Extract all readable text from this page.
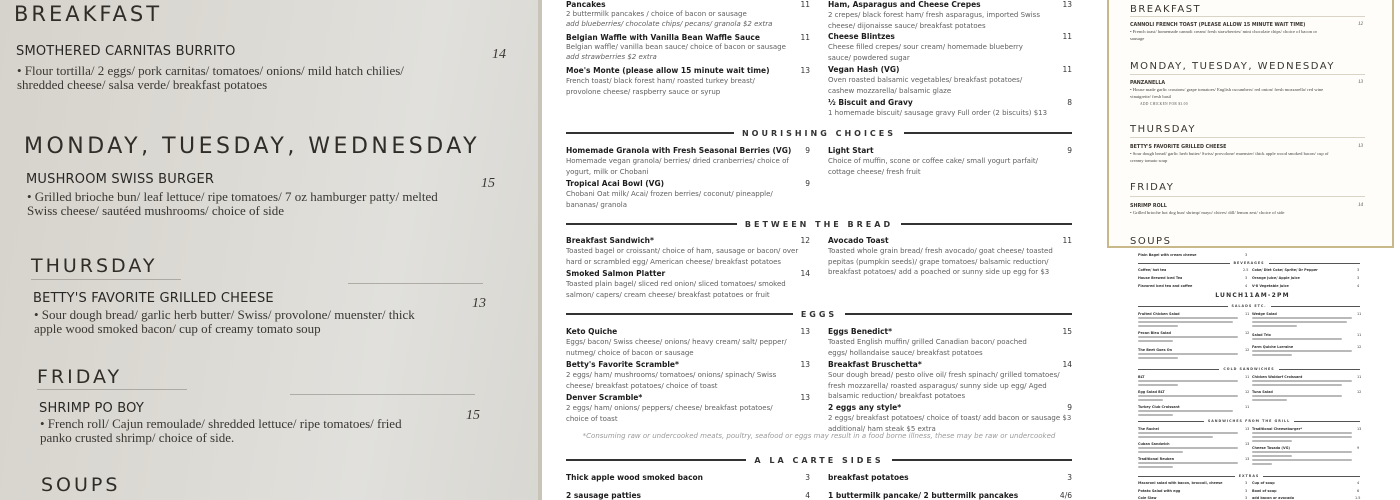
BREAKFAST
SMOTHERED CARNITAS BURRITO
• Flour tortilla/ 2 eggs/ pork carnitas/ tomatoes/ onions/ mild hatch chilies/ shredded cheese/ salsa verde/ breakfast potatoes
14
MONDAY, TUESDAY, WEDNESDAY
MUSHROOM SWISS BURGER
• Grilled brioche bun/ leaf lettuce/ ripe tomatoes/ 7 oz hamburger patty/ melted Swiss cheese/ sautéed mushrooms/ choice of side
15
THURSDAY
BETTY'S FAVORITE GRILLED CHEESE
• Sour dough bread/ garlic herb butter/ Swiss/ provolone/ muenster/ thick apple wood smoked bacon/ cup of creamy tomato soup
13
FRIDAY
SHRIMP PO BOY
• French roll/ Cajun remoulade/ shredded lettuce/ ripe tomatoes/ fried panko crusted shrimp/ choice of side.
15
SOUPS
Pancakes	11
2 buttermilk pancakes / choice of bacon or sausage
add blueberries/ chocolate chips/ pecans/ granola $2 extra
Belgian Waffle with Vanilla Bean Waffle Sauce	11
Belgian waffle/ vanilla bean sauce/ choice of bacon or sausage
add strawberries $2 extra
Moe's Monte (please allow 15 minute wait time)	13
French toast/ black forest ham/ roasted turkey breast/ provolone cheese/ raspberry sauce or syrup
Ham, Asparagus and Cheese Crepes	13
2 crepes/ black forest ham/ fresh asparagus, imported Swiss cheese/ dijonaisse sauce/ breakfast potatoes
Cheese Blintzes	11
Cheese filled crepes/ sour cream/ homemade blueberry sauce/ powdered sugar
Vegan Hash (VG)	11
Oven roasted balsamic vegetables/ breakfast potatoes/ cashew mozzarella/ balsamic glaze
½ Biscuit and Gravy	8
1 homemade biscuit/ sausage gravy Full order (2 biscuits) $13
NOURISHING CHOICES
Homemade Granola with Fresh Seasonal Berries (VG)	9
Homemade vegan granola/ berries/ dried cranberries/ choice of yogurt, milk or Chobani
Tropical Acai Bowl (VG)	9
Chobani Oat milk/ Acai/ frozen berries/ coconut/ pineapple/ bananas/ granola
Light Start	9
Choice of muffin, scone or coffee cake/ small yogurt parfait/ cottage cheese/ fresh fruit
BETWEEN THE BREAD
Breakfast Sandwich*	12
Toasted bagel or croissant/ choice of ham, sausage or bacon/ over hard or scrambled egg/ American cheese/ breakfast potatoes
Smoked Salmon Platter	14
Toasted plain bagel/ sliced red onion/ sliced tomatoes/ smoked salmon/ capers/ cream cheese/ breakfast potatoes or fruit
Avocado Toast	11
Toasted whole grain bread/ fresh avocado/ goat cheese/ toasted pepitas (pumpkin seeds)/ grape tomatoes/ balsamic reduction/ breakfast potatoes/ add a poached or sunny side up egg for $3
EGGS
Keto Quiche	13
Eggs/ bacon/ Swiss cheese/ onions/ heavy cream/ salt/ pepper/ nutmeg/ choice of bacon or sausage
Betty's Favorite Scramble*	13
2 eggs/ ham/ mushrooms/ tomatoes/ onions/ spinach/ Swiss cheese/ breakfast potatoes/ choice of toast
Denver Scramble*	13
2 eggs/ ham/ onions/ peppers/ cheese/ breakfast potatoes/ choice of toast
Eggs Benedict*	15
Toasted English muffin/ grilled Canadian bacon/ poached eggs/ hollandaise sauce/ breakfast potatoes
Breakfast Bruschetta*	14
Sour dough bread/ pesto olive oil/ fresh spinach/ grilled tomatoes/ fresh mozzarella/ roasted asparagus/ sunny side up egg/ Aged balsamic reduction/ breakfast potatoes
2 eggs any style*	9
2 eggs/ breakfast potatoes/ choice of toast/ add bacon or sausage $3 additional/ ham steak $5 extra
*Consuming raw or undercooked meats, poultry, seafood or eggs may result in a food borne illness, these may be raw or undercooked
A LA CARTE SIDES
Thick apple wood smoked bacon	3
2 sausage patties	4
breakfast potatoes	3
1 buttermilk pancake/ 2 buttermilk pancakes	4/6
BREAKFAST
CANNOLI FRENCH TOAST (PLEASE ALLOW 15 MINUTE WAIT TIME)	12
• French toast/ homemade cannoli cream/ fresh strawberries/ mini chocolate chips/ choice of bacon or sausage
MONDAY, TUESDAY, WEDNESDAY
PANZANELLA	13
• House made garlic croutons/ grape tomatoes/ English cucumbers/ red onion/ fresh mozzarella/ red wine vinaigrette/ fresh basil
ADD CHICKEN FOR $3.00
THURSDAY
BETTY'S FAVORITE GRILLED CHEESE	13
• Sour dough bread/ garlic herb butter/ Swiss/ provolone/ muenster/ thick apple wood smoked bacon/ cup of creamy tomato soup
FRIDAY
SHRIMP ROLL	14
• Grilled brioche hot dog bun/ shrimp/ mayo/ chives/ dill/ lemon zest/ choice of side
SOUPS
Plain Bagel with cream cheese	3
BEVERAGES
Coffee/ hot tea	2.5
House Brewed Iced Tea	3
Flavored iced tea and coffee	4
Coke/ Diet Coke/ Sprite/ Dr Pepper	3
Orange juice/ Apple juice	3
V-8 Vegetable juice	4
LUNCH11AM-2PM
SALADS ETC.
Fruited Chicken Salad	11
Pecan Bleu Salad	12
The Beet Goes On	12
Wedge Salad	11
Salad Trio	11
Farm Quiche Lorraine	12
COLD SANDWICHES
BLT	11
Egg Salad BLT	12
Turkey Club Croissant	11
Chicken Waldorf Croissant	11
Tuna Salad	12
SANDWICHES FROM THE GRILL
The Rachel	13
Cuban Sandwich	13
Traditional Reuben	13
Traditional Cheeseburger*	13
Cheese Tosada (VG)	9
EXTRAS
Macaroni salad with bacon, broccoli, cheese	3
Potato Salad with egg	3
Cole Slaw	3
Cup of soup	4
Bowl of soup	6
add bacon or avocado	1.5
